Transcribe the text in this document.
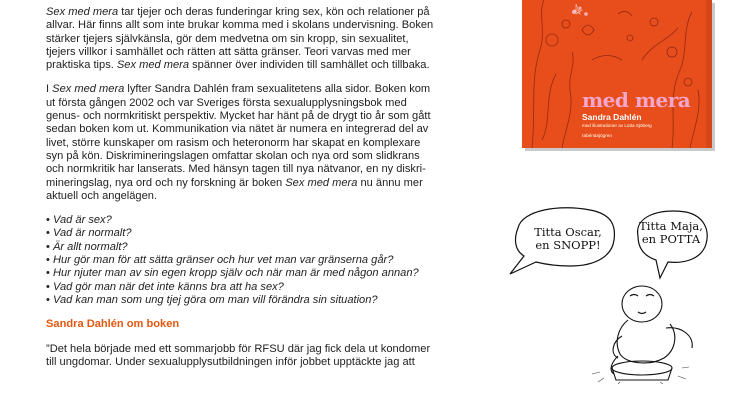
Sex med mera tar tjejer och deras funderingar kring sex, kön och relationer på
allvar. Här finns allt som inte brukar komma med i skolans undervisning. Boken
stärker tjejers självkänsla, gör dem medvetna om sin kropp, sin sexualitet,
tjejers villkor i samhället och rätten att sätta gränser. Teori varvas med mer
praktiska tips. Sex med mera spänner över individen till samhället och tillbaka.

I Sex med mera lyfter Sandra Dahlén fram sexualitetens alla sidor. Boken kom
ut första gången 2002 och var Sveriges första sexualupplysningsbok med
genus- och normkritiskt perspektiv. Mycket har hänt på de drygt tio år som gått
sedan boken kom ut. Kommunikation via nätet är numera en integrerad del av
livet, större kunskaper om rasism och heteronorm har skapat en komplexare
syn på kön. Diskrimineringslagen omfattar skolan och nya ord som slidkrans
och normkritik har lanserats. Med hänsyn tagen till nya nätvanor, en ny diskri-
mineringslag, nya ord och ny forskning är boken Sex med mera nu ännu mer
aktuell och angelägen.

• Vad är sex?
• Vad är normalt?
• Är allt normalt?
• Hur gör man för att sätta gränser och hur vet man var gränserna går?
• Hur njuter man av sin egen kropp själv och när man är med någon annan?
• Vad gör man när det inte känns bra att ha sex?
• Vad kan man som ung tjej göra om man vill förändra sin situation?

Sandra Dahlén om boken

”Det hela började med ett sommarjobb för RFSU där jag fick dela ut kondomer
till ungdomar. Under sexualupplysutbildningen inför jobbet upptäckte jag att

med mera

Sandra Dahlén

med illustrationer av Lotta Sjöberg

rabén&sjögren

Titta Oscar,
en SNOPP!

Titta Maja,
en POTTA
